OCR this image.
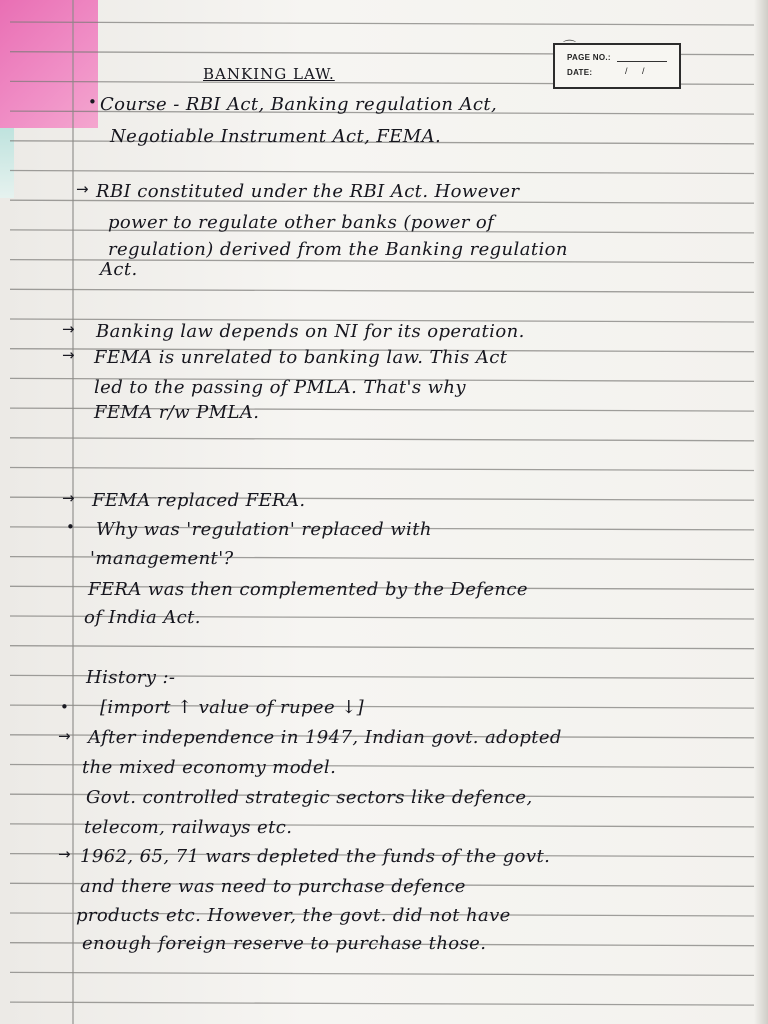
⌒
PAGE NO.:
DATE:	/ /
BANKING LAW.
•
→
→
→
→
•
•
→
→
Course - RBI Act, Banking regulation Act,
Negotiable Instrument Act, FEMA.
RBI constituted under the RBI Act. However
power to regulate other banks (power of
regulation) derived from the Banking regulation
Act.
Banking law depends on NI for its operation.
FEMA is unrelated to banking law. This Act
led to the passing of PMLA. That's why
FEMA r/w PMLA.
FEMA replaced FERA.
Why was 'regulation' replaced with
'management'?
FERA was then complemented by the Defence
of India Act.
History :-
[import ↑ value of rupee ↓]
After independence in 1947, Indian govt. adopted
the mixed economy model.
Govt. controlled strategic sectors like defence,
telecom, railways etc.
1962, 65, 71 wars depleted the funds of the govt.
and there was need to purchase defence
products etc. However, the govt. did not have
enough foreign reserve to purchase those.
